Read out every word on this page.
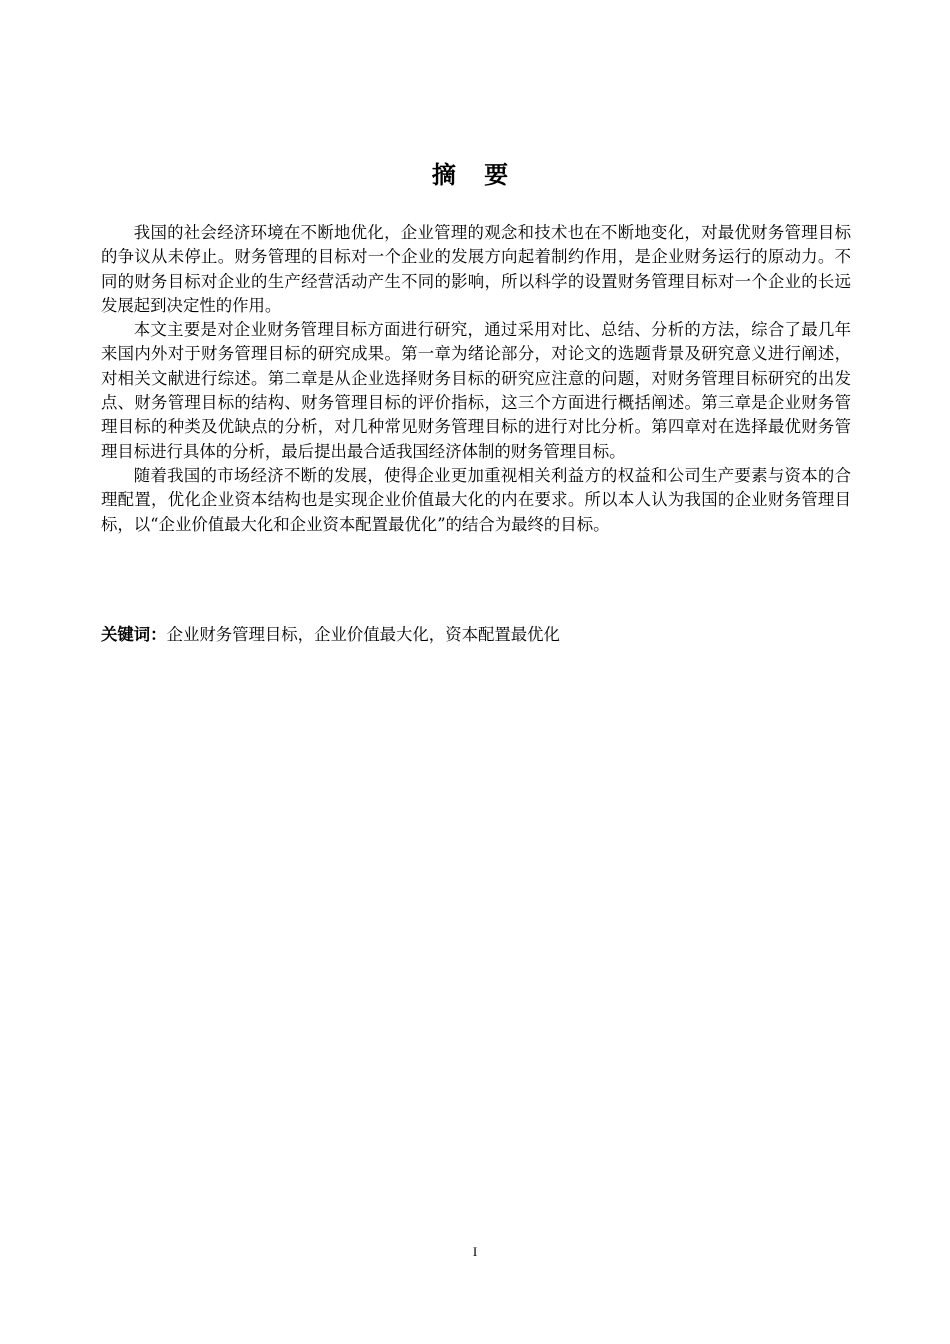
摘 要

我国的社会经济环境在不断地优化，企业管理的观念和技术也在不断地变化，对最优财务管理目标的争议从未停止。财务管理的目标对一个企业的发展方向起着制约作用，是企业财务运行的原动力。不同的财务目标对企业的生产经营活动产生不同的影响，所以科学的设置财务管理目标对一个企业的长远发展起到决定性的作用。

本文主要是对企业财务管理目标方面进行研究，通过采用对比、总结、分析的方法，综合了最几年来国内外对于财务管理目标的研究成果。第一章为绪论部分，对论文的选题背景及研究意义进行阐述，对相关文献进行综述。第二章是从企业选择财务目标的研究应注意的问题，对财务管理目标研究的出发点、财务管理目标的结构、财务管理目标的评价指标，这三个方面进行概括阐述。第三章是企业财务管理目标的种类及优缺点的分析，对几种常见财务管理目标的进行对比分析。第四章对在选择最优财务管理目标进行具体的分析，最后提出最合适我国经济体制的财务管理目标。

随着我国的市场经济不断的发展，使得企业更加重视相关利益方的权益和公司生产要素与资本的合理配置，优化企业资本结构也是实现企业价值最大化的内在要求。所以本人认为我国的企业财务管理目标，以“企业价值最大化和企业资本配置最优化”的结合为最终的目标。

关键词：企业财务管理目标，企业价值最大化，资本配置最优化
I
